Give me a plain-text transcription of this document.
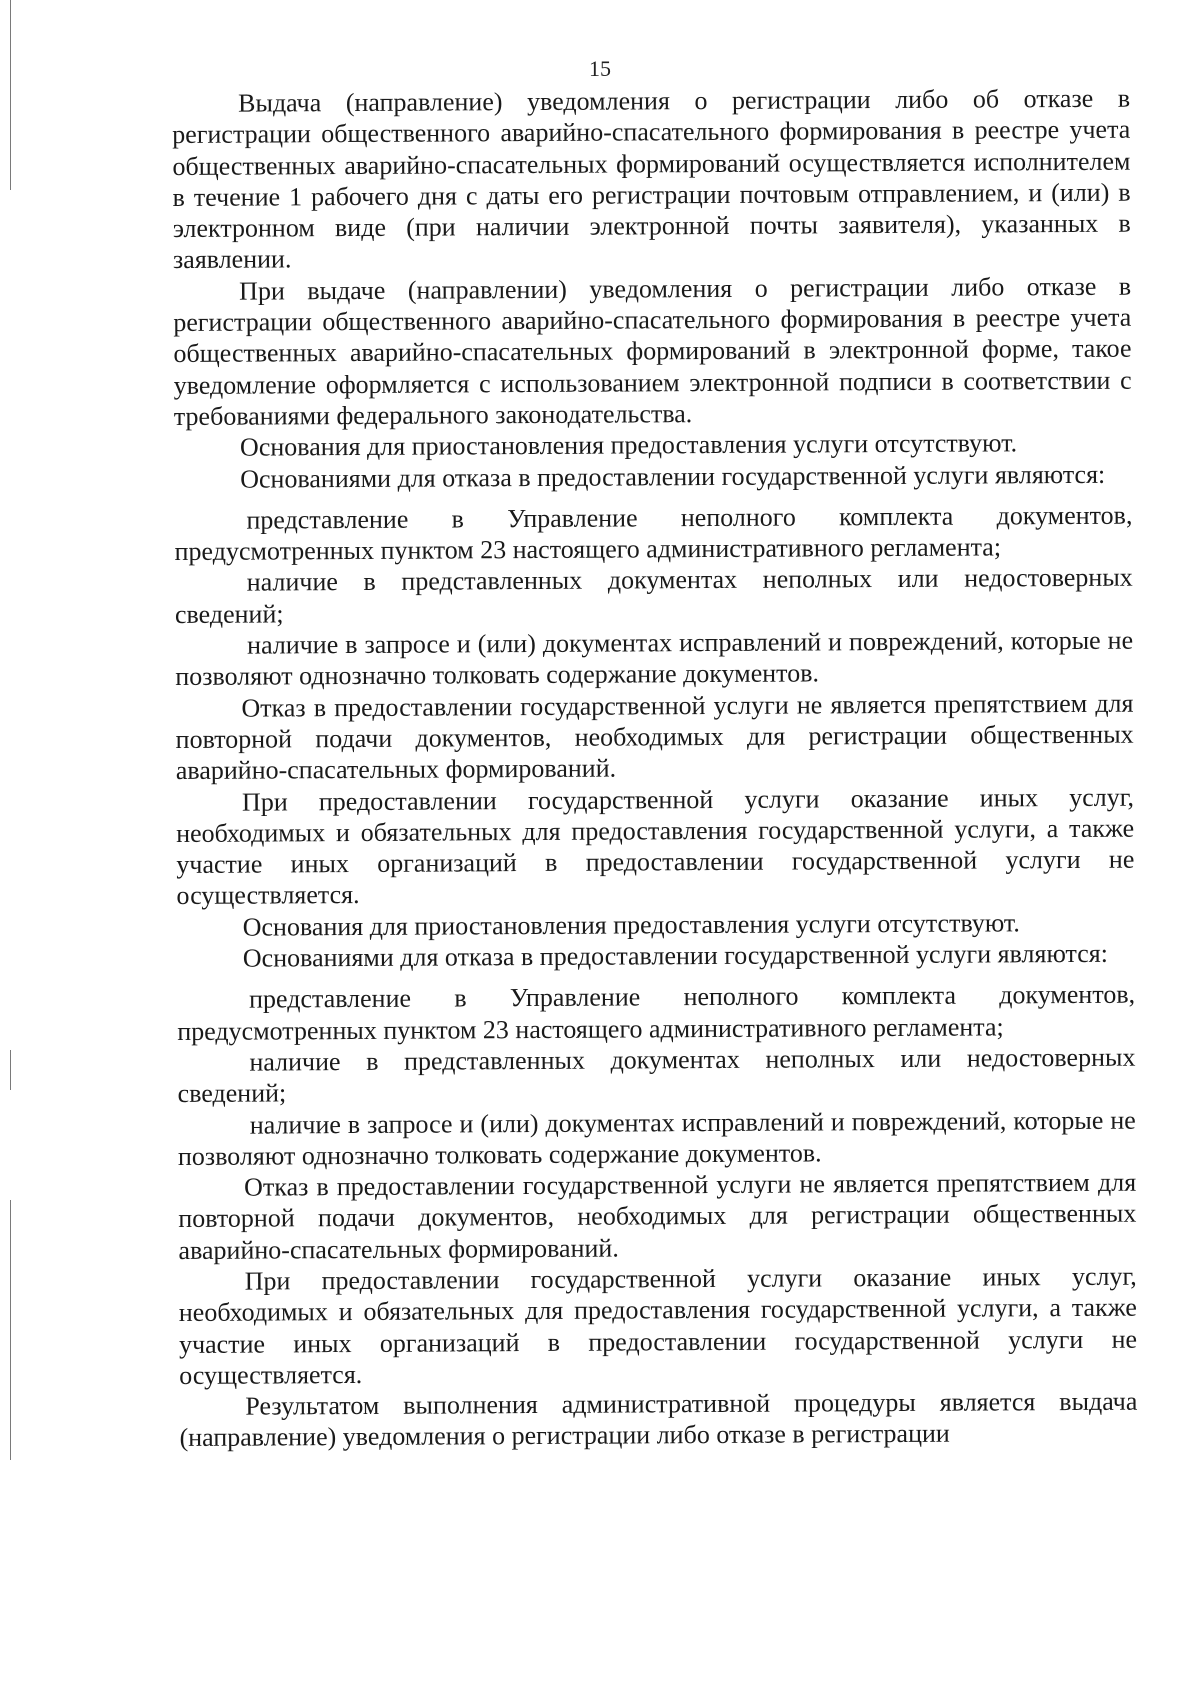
15

Выдача (направление) уведомления о регистрации либо об отказе в регистрации общественного аварийно-спасательного формирования в реестре учета общественных аварийно-спасательных формирований осуществляется исполнителем в течение 1 рабочего дня с даты его регистрации почтовым отправлением, и (или) в электронном виде (при наличии электронной почты заявителя), указанных в заявлении.

При выдаче (направлении) уведомления о регистрации либо отказе в регистрации общественного аварийно-спасательного формирования в реестре учета общественных аварийно-спасательных формирований в электронной форме, такое уведомление оформляется с использованием электронной подписи в соответствии с требованиями федерального законодательства.

Основания для приостановления предоставления услуги отсутствуют.

Основаниями для отказа в предоставлении государственной услуги являются:

представление в Управление неполного комплекта документов, предусмотренных пунктом 23 настоящего административного регламента;

наличие в представленных документах неполных или недостоверных сведений;

наличие в запросе и (или) документах исправлений и повреждений, которые не позволяют однозначно толковать содержание документов.

Отказ в предоставлении государственной услуги не является препятствием для повторной подачи документов, необходимых для регистрации общественных аварийно-спасательных формирований.

При предоставлении государственной услуги оказание иных услуг, необходимых и обязательных для предоставления государственной услуги, а также участие иных организаций в предоставлении государственной услуги не осуществляется.

Основания для приостановления предоставления услуги отсутствуют.

Основаниями для отказа в предоставлении государственной услуги являются:

представление в Управление неполного комплекта документов, предусмотренных пунктом 23 настоящего административного регламента;

наличие в представленных документах неполных или недостоверных сведений;

наличие в запросе и (или) документах исправлений и повреждений, которые не позволяют однозначно толковать содержание документов.

Отказ в предоставлении государственной услуги не является препятствием для повторной подачи документов, необходимых для регистрации общественных аварийно-спасательных формирований.

При предоставлении государственной услуги оказание иных услуг, необходимых и обязательных для предоставления государственной услуги, а также участие иных организаций в предоставлении государственной услуги не осуществляется.

Результатом выполнения административной процедуры является выдача (направление) уведомления о регистрации либо отказе в регистрации
